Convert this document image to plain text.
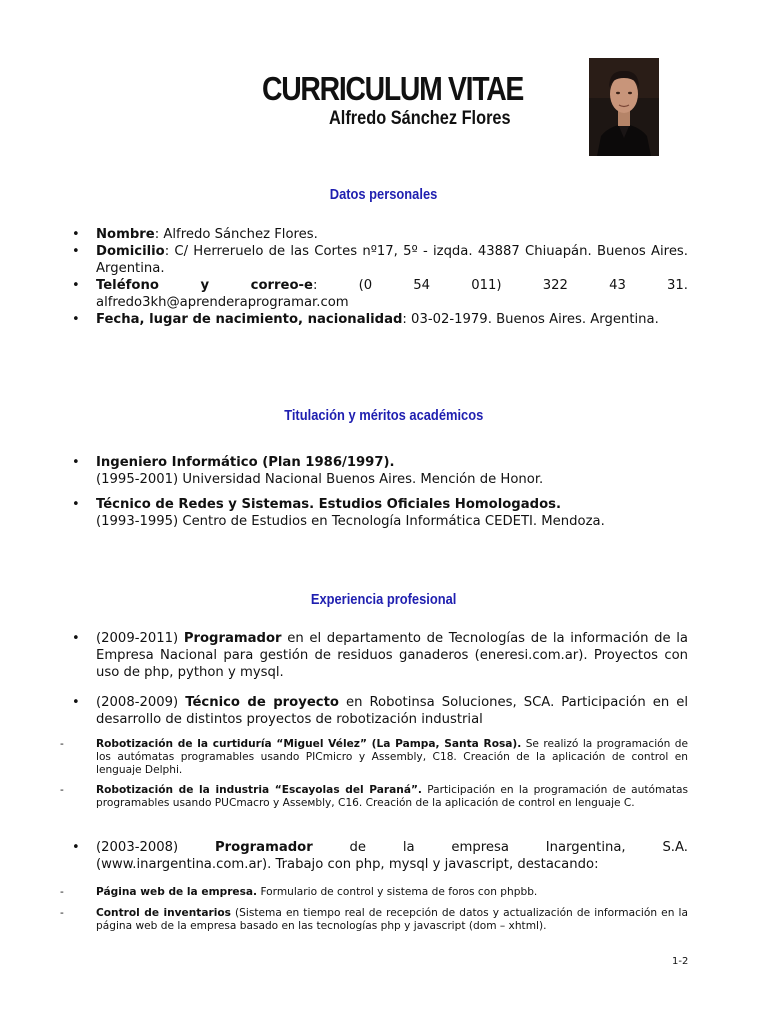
CURRICULUM VITAE
Alfredo Sánchez Flores
Datos personales
• Nombre: Alfredo Sánchez Flores.
• Domicilio: C/ Herreruelo de las Cortes nº17, 5º - izqda. 43887 Chiuapán. Buenos Aires. Argentina.
• Teléfono y correo-e: (0 54 011) 322 43 31.
alfredo3kh@aprenderaprogramar.com
• Fecha, lugar de nacimiento, nacionalidad: 03-02-1979. Buenos Aires. Argentina.
Titulación y méritos académicos
• Ingeniero Informático (Plan 1986/1997).
(1995-2001) Universidad Nacional Buenos Aires. Mención de Honor.
• Técnico de Redes y Sistemas. Estudios Oficiales Homologados.
(1993-1995) Centro de Estudios en Tecnología Informática CEDETI. Mendoza.
Experiencia profesional
• (2009-2011) Programador en el departamento de Tecnologías de la información de la Empresa Nacional para gestión de residuos ganaderos (eneresi.com.ar). Proyectos con uso de php, python y mysql.
• (2008-2009) Técnico de proyecto en Robotinsa Soluciones, SCA. Participación en el desarrollo de distintos proyectos de robotización industrial
-	Robotización de la curtiduría “Miguel Vélez” (La Pampa, Santa Rosa). Se realizó la programación de los autómatas programables usando PICmicro y Assembly, C18. Creación de la aplicación de control en lenguaje Delphi.
-	Robotización de la industria “Escayolas del Paraná”. Participación en la programación de autómatas programables usando PUCmacro y Asseмbly, C16. Creación de la aplicación de control en lenguaje C.
• (2003-2008) Programador de la empresa Inargentina, S.A.
(www.inargentina.com.ar). Trabajo con php, mysql y javascript, destacando:
-	Página web de la empresa. Formulario de control y sistema de foros con phpbb.
-	Control de inventarios (Sistema en tiempo real de recepción de datos y actualización de información en la página web de la empresa basado en las tecnologías php y javascript (dom – xhtml).
1-2
